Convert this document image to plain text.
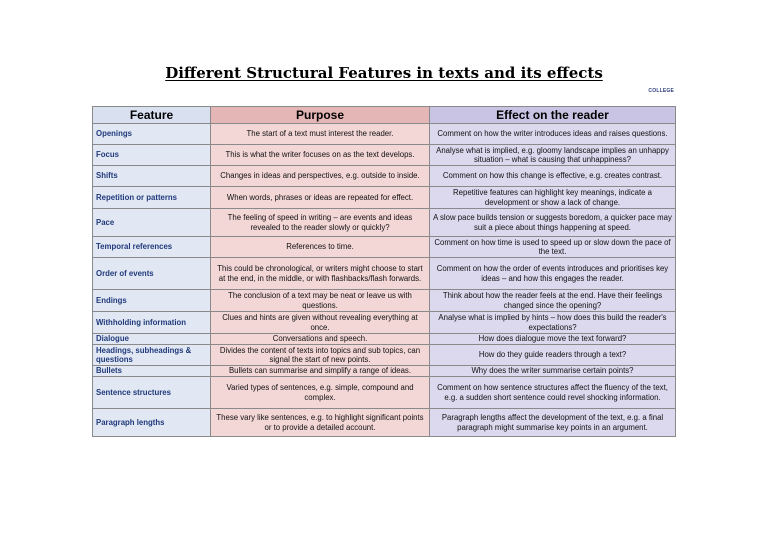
Different Structural Features in texts and its effects
COLLEGE
Feature	Purpose	Effect on the reader
Openings	The start of a text must interest the reader.	Comment on how the writer introduces ideas and raises questions.
Focus	This is what the writer focuses on as the text develops.	Analyse what is implied, e.g. gloomy landscape implies an unhappy situation – what is causing that unhappiness?
Shifts	Changes in ideas and perspectives, e.g. outside to inside.	Comment on how this change is effective, e.g. creates contrast.
Repetition or patterns	When words, phrases or ideas are repeated for effect.	Repetitive features can highlight key meanings, indicate a development or show a lack of change.
Pace	The feeling of speed in writing – are events and ideas revealed to the reader slowly or quickly?	A slow pace builds tension or suggests boredom, a quicker pace may suit a piece about things happening at speed.
Temporal references	References to time.	Comment on how time is used to speed up or slow down the pace of the text.
Order of events	This could be chronological, or writers might choose to start at the end, in the middle, or with flashbacks/flash forwards.	Comment on how the order of events introduces and prioritises key ideas – and how this engages the reader.
Endings	The conclusion of a text may be neat or leave us with questions.	Think about how the reader feels at the end. Have their feelings changed since the opening?
Withholding information	Clues and hints are given without revealing everything at once.	Analyse what is implied by hints – how does this build the reader's expectations?
Dialogue	Conversations and speech.	How does dialogue move the text forward?
Headings, subheadings & questions	Divides the content of texts into topics and sub topics, can signal the start of new points.	How do they guide readers through a text?
Bullets	Bullets can summarise and simplify a range of ideas.	Why does the writer summarise certain points?
Sentence structures	Varied types of sentences, e.g. simple, compound and complex.	Comment on how sentence structures affect the fluency of the text, e.g. a sudden short sentence could revel shocking information.
Paragraph lengths	These vary like sentences, e.g. to highlight significant points or to provide a detailed account.	Paragraph lengths affect the development of the text, e.g. a final paragraph might summarise key points in an argument.
